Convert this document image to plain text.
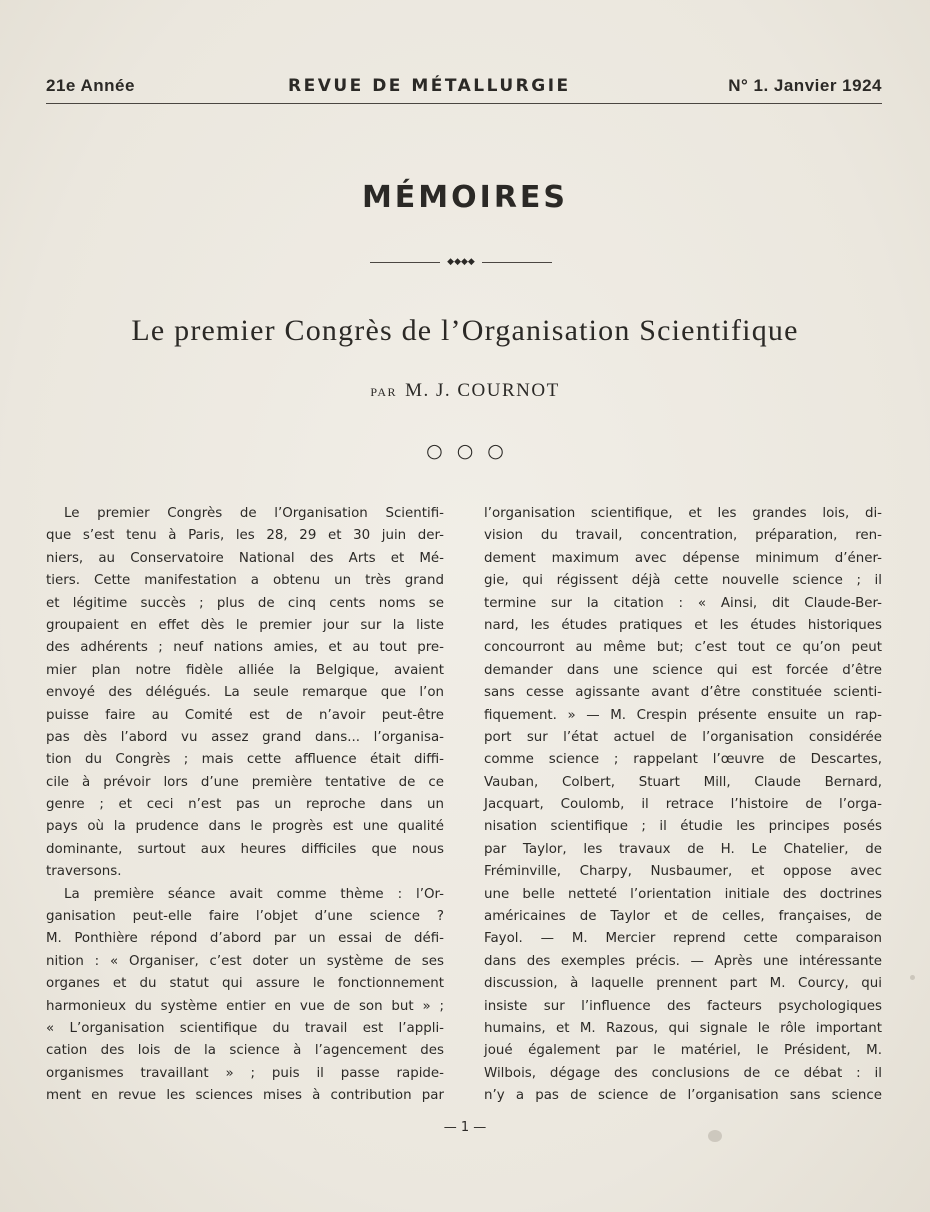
21e Année	REVUE DE MÉTALLURGIE	N° 1. Janvier 1924
MÉMOIRES
◆◆◆◆
Le premier Congrès de l’Organisation Scientifique
PAR M. J. COURNOT
○○○
Le premier Congrès de l’Organisation Scientifi-
que s’est tenu à Paris, les 28, 29 et 30 juin der-
niers, au Conservatoire National des Arts et Mé-
tiers. Cette manifestation a obtenu un très grand
et légitime succès ; plus de cinq cents noms se
groupaient en effet dès le premier jour sur la liste
des adhérents ; neuf nations amies, et au tout pre-
mier plan notre fidèle alliée la Belgique, avaient
envoyé des délégués. La seule remarque que l’on
puisse faire au Comité est de n’avoir peut-être
pas dès l’abord vu assez grand dans... l’organisa-
tion du Congrès ; mais cette affluence était diffi-
cile à prévoir lors d’une première tentative de ce
genre ; et ceci n’est pas un reproche dans un
pays où la prudence dans le progrès est une qualité
dominante, surtout aux heures difficiles que nous
traversons.
La première séance avait comme thème : l’Or-
ganisation peut-elle faire l’objet d’une science ?
M. Ponthière répond d’abord par un essai de défi-
nition : « Organiser, c’est doter un système de ses
organes et du statut qui assure le fonctionnement
harmonieux du système entier en vue de son but » ;
« L’organisation scientifique du travail est l’appli-
cation des lois de la science à l’agencement des
organismes travaillant » ; puis il passe rapide-
ment en revue les sciences mises à contribution par
l’organisation scientifique, et les grandes lois, di-
vision du travail, concentration, préparation, ren-
dement maximum avec dépense minimum d’éner-
gie, qui régissent déjà cette nouvelle science ; il
termine sur la citation : « Ainsi, dit Claude-Ber-
nard, les études pratiques et les études historiques
concourront au même but; c’est tout ce qu’on peut
demander dans une science qui est forcée d’être
sans cesse agissante avant d’être constituée scienti-
fiquement. » — M. Crespin présente ensuite un rap-
port sur l’état actuel de l’organisation considérée
comme science ; rappelant l’œuvre de Descartes,
Vauban, Colbert, Stuart Mill, Claude Bernard,
Jacquart, Coulomb, il retrace l’histoire de l’orga-
nisation scientifique ; il étudie les principes posés
par Taylor, les travaux de H. Le Chatelier, de
Fréminville, Charpy, Nusbaumer, et oppose avec
une belle netteté l’orientation initiale des doctrines
américaines de Taylor et de celles, françaises, de
Fayol. — M. Mercier reprend cette comparaison
dans des exemples précis. — Après une intéressante
discussion, à laquelle prennent part M. Courcy, qui
insiste sur l’influence des facteurs psychologiques
humains, et M. Razous, qui signale le rôle important
joué également par le matériel, le Président, M.
Wilbois, dégage des conclusions de ce débat : il
n’y a pas de science de l’organisation sans science
— 1 —
